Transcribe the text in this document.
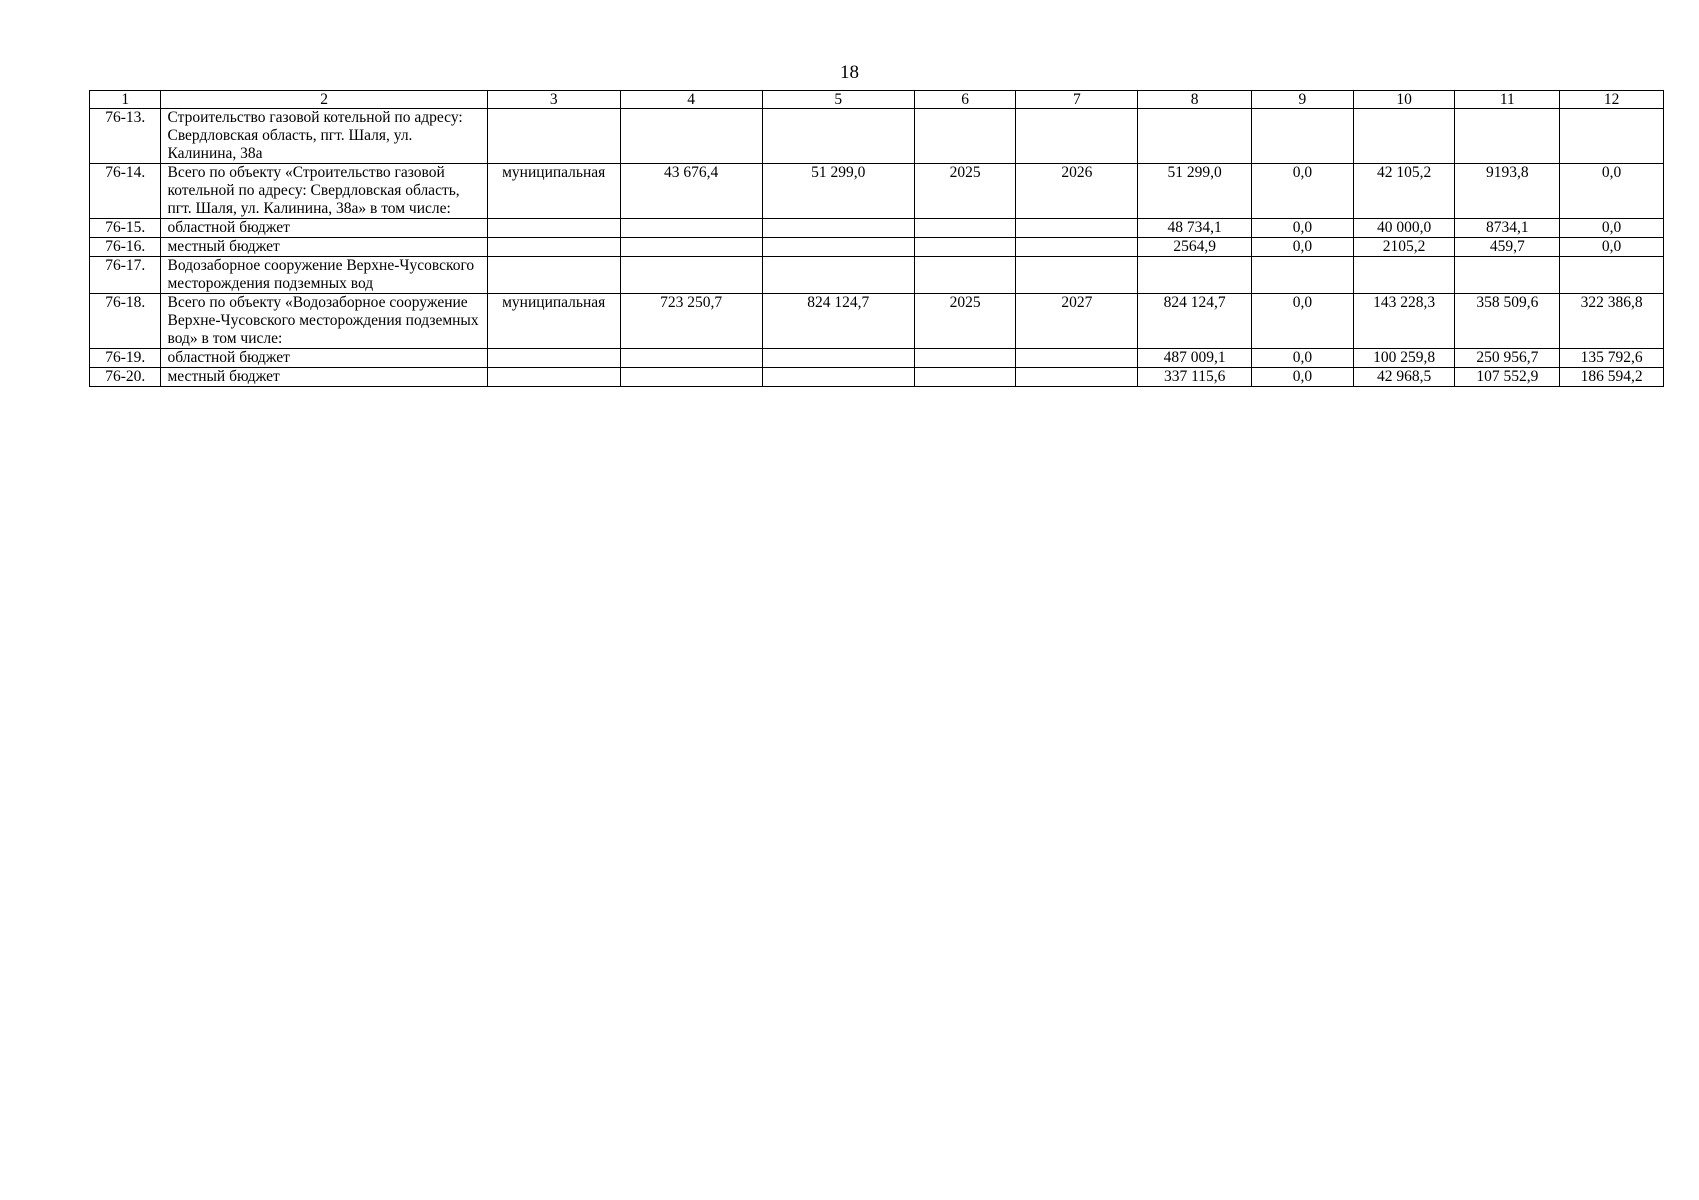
18
1	2	3	4	5	6	7	8	9	10	11	12
76-13.	Строительство газовой котельной по адресу: Свердловская область, пгт. Шаля, ул. Калинина, 38а										
76-14.	Всего по объекту «Строительство газовой котельной по адресу: Свердловская область, пгт. Шаля, ул. Калинина, 38а» в том числе:	муниципальная	43 676,4	51 299,0	2025	2026	51 299,0	0,0	42 105,2	9193,8	0,0
76-15.	областной бюджет						48 734,1	0,0	40 000,0	8734,1	0,0
76-16.	местный бюджет						2564,9	0,0	2105,2	459,7	0,0
76-17.	Водозаборное сооружение Верхне-Чусовского месторождения подземных вод										
76-18.	Всего по объекту «Водозаборное сооружение Верхне-Чусовского месторождения подземных вод» в том числе:	муниципальная	723 250,7	824 124,7	2025	2027	824 124,7	0,0	143 228,3	358 509,6	322 386,8
76-19.	областной бюджет						487 009,1	0,0	100 259,8	250 956,7	135 792,6
76-20.	местный бюджет						337 115,6	0,0	42 968,5	107 552,9	186 594,2
